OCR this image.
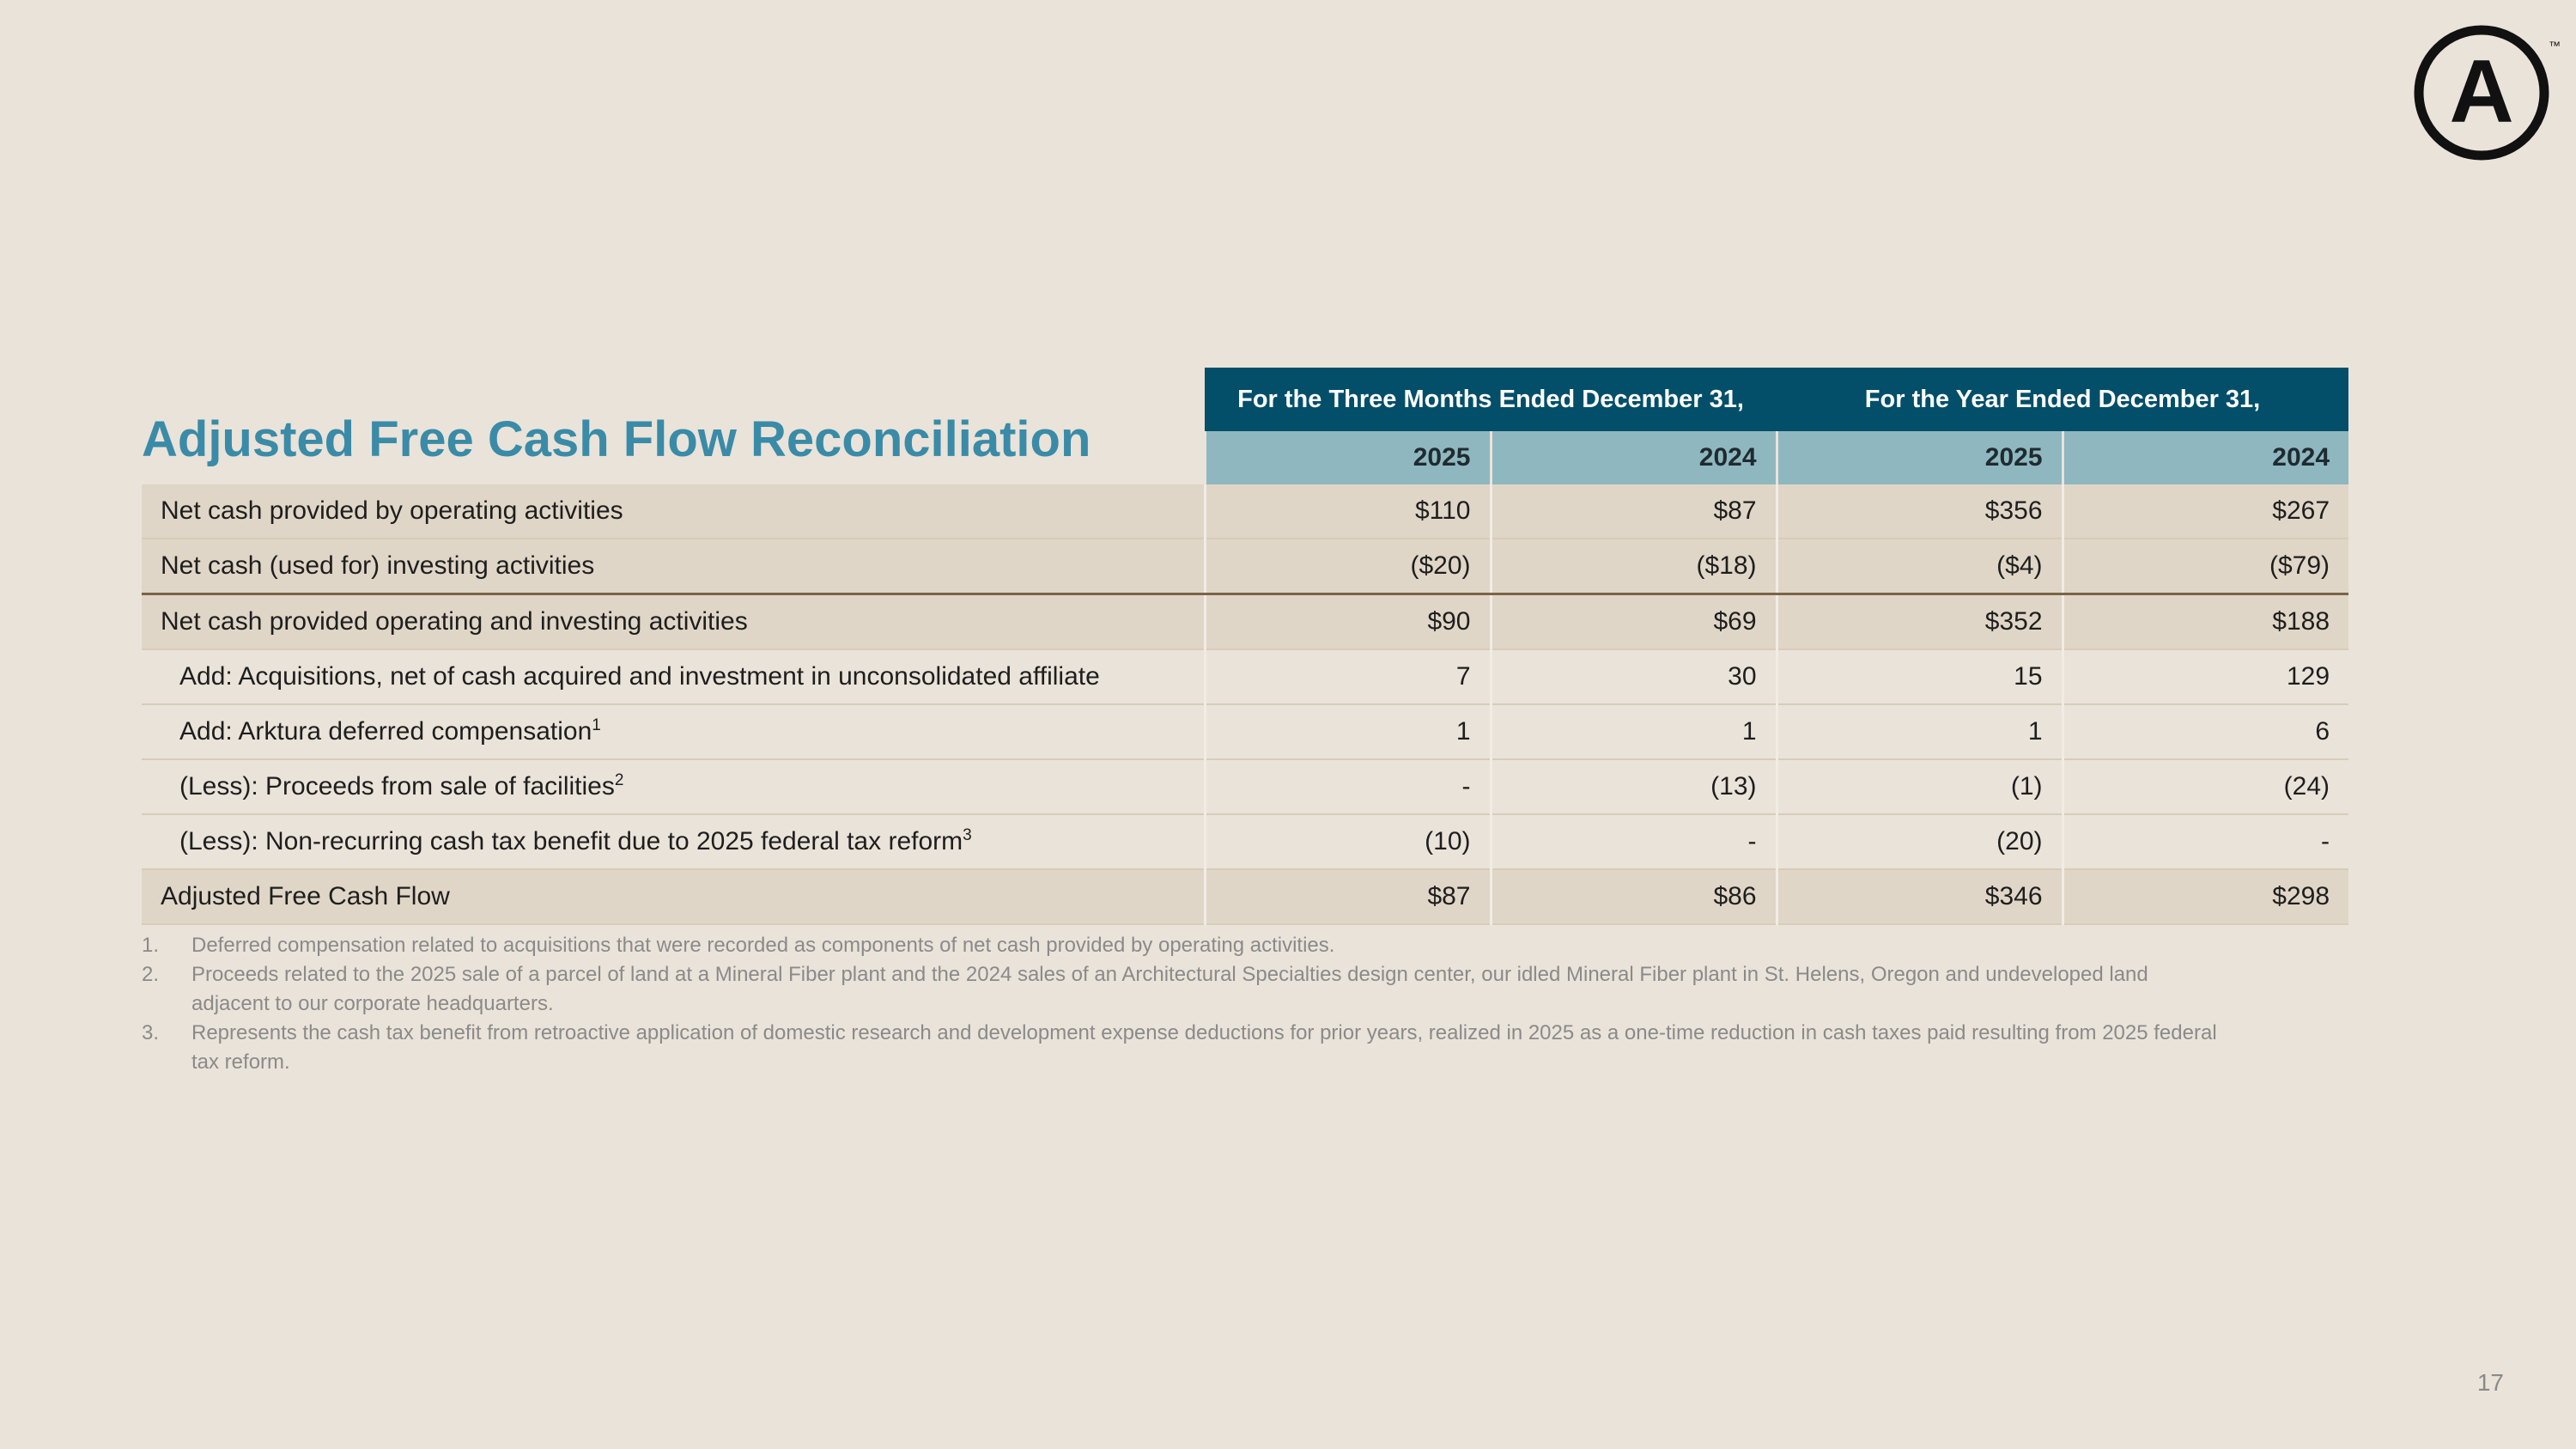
A	™
Adjusted Free Cash Flow Reconciliation
	For the Three Months Ended December 31,		For the Year Ended December 31,	
	2025	2024	2025	2024
Net cash provided by operating activities	$110	$87	$356	$267
Net cash (used for) investing activities	($20)	($18)	($4)	($79)
Net cash provided operating and investing activities	$90	$69	$352	$188
Add: Acquisitions, net of cash acquired and investment in unconsolidated affiliate	7	30	15	129
Add: Arktura deferred compensation$^1$	1	1	1	6
(Less): Proceeds from sale of facilities$^2$	-	(13)	(1)	(24)
(Less): Non-recurring cash tax benefit due to 2025 federal tax reform$^3$	(10)	-	(20)	-
Adjusted Free Cash Flow	$87	$86	$346	$298
1. Deferred compensation related to acquisitions that were recorded as components of net cash provided by operating activities.
2. Proceeds related to the 2025 sale of a parcel of land at a Mineral Fiber plant and the 2024 sales of an Architectural Specialties design center, our idled Mineral Fiber plant in St. Helens, Oregon and undeveloped land adjacent to our corporate headquarters.
3. Represents the cash tax benefit from retroactive application of domestic research and development expense deductions for prior years, realized in 2025 as a one-time reduction in cash taxes paid resulting from 2025 federal tax reform.
17
